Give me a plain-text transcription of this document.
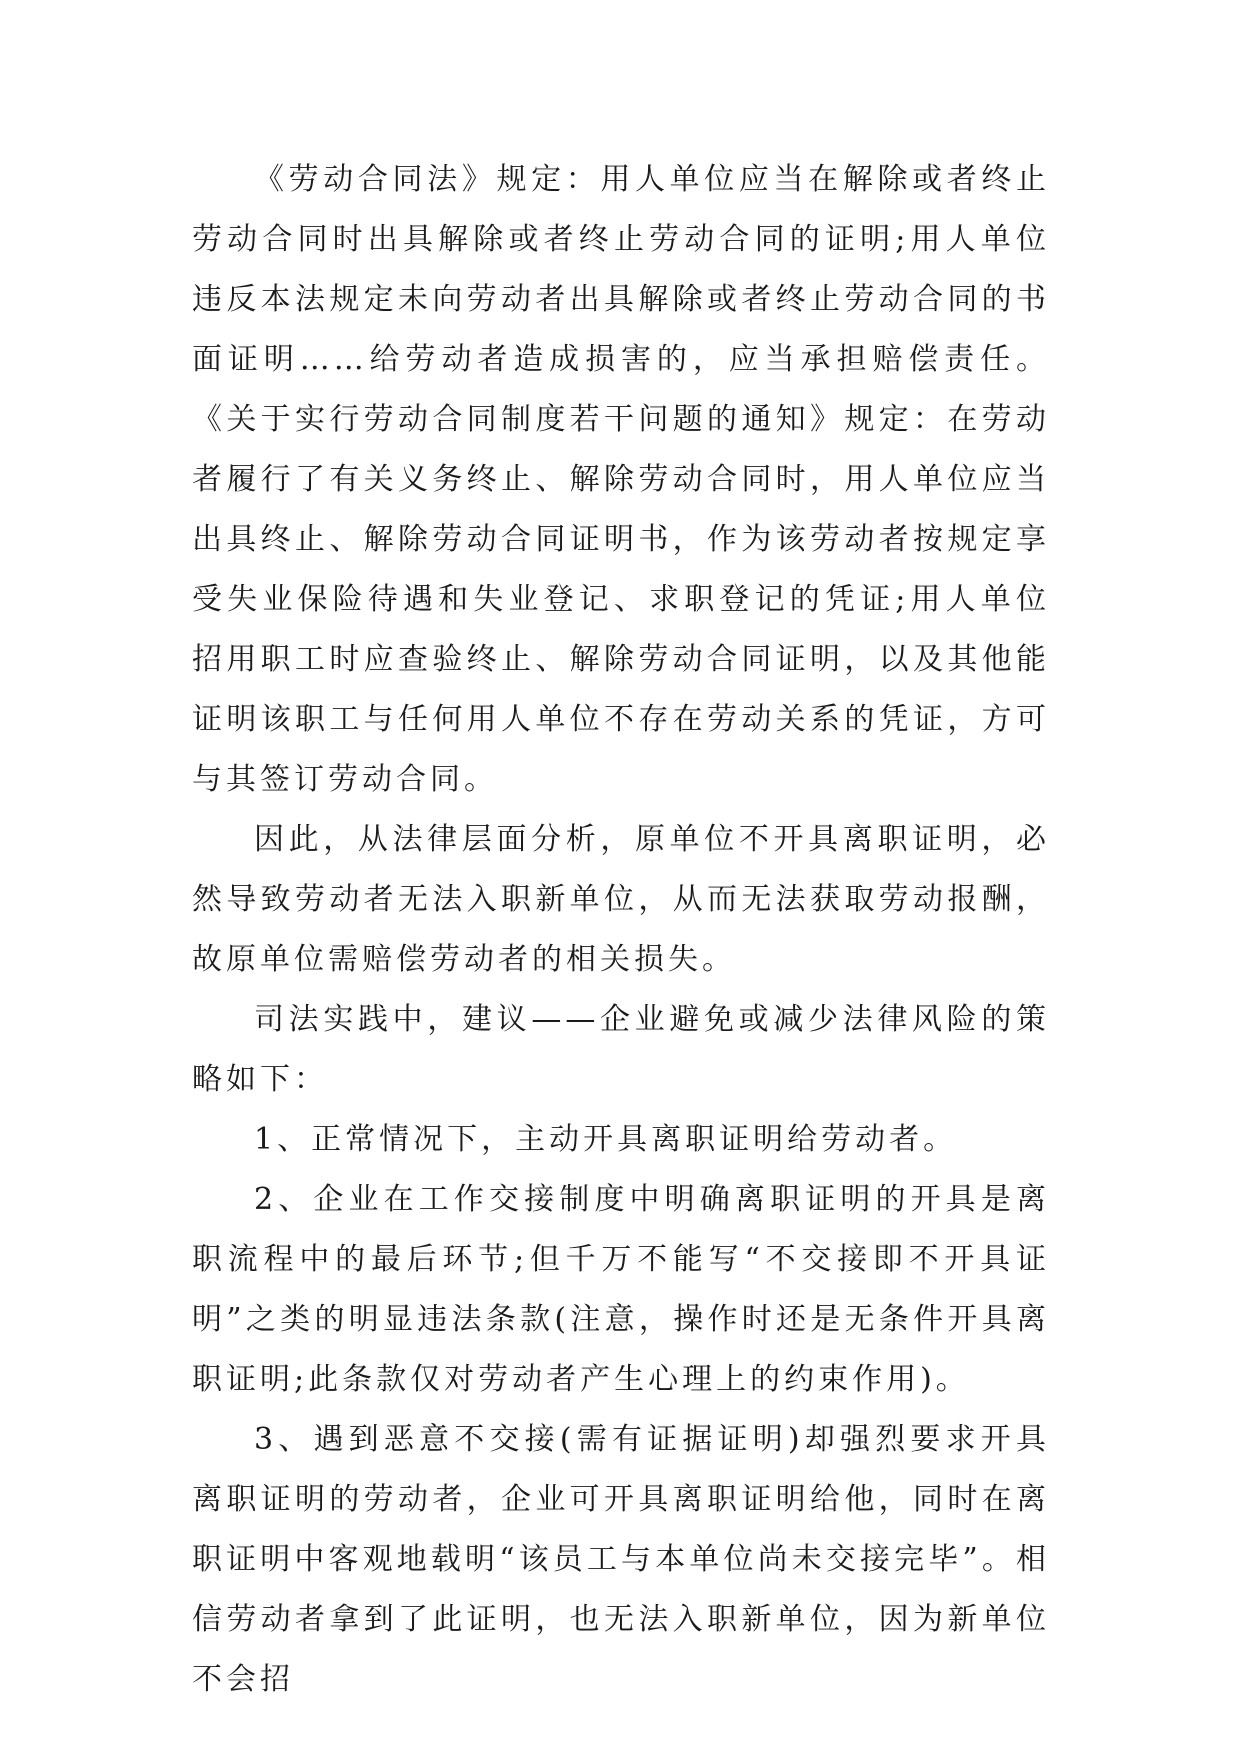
《劳动合同法》规定：用人单位应当在解除或者终止劳动合同时出具解除或者终止劳动合同的证明;用人单位违反本法规定未向劳动者出具解除或者终止劳动合同的书面证明……给劳动者造成损害的，应当承担赔偿责任。《关于实行劳动合同制度若干问题的通知》规定：在劳动者履行了有关义务终止、解除劳动合同时，用人单位应当出具终止、解除劳动合同证明书，作为该劳动者按规定享受失业保险待遇和失业登记、求职登记的凭证;用人单位招用职工时应查验终止、解除劳动合同证明，以及其他能证明该职工与任何用人单位不存在劳动关系的凭证，方可与其签订劳动合同。

因此，从法律层面分析，原单位不开具离职证明，必然导致劳动者无法入职新单位，从而无法获取劳动报酬，故原单位需赔偿劳动者的相关损失。

司法实践中，建议——企业避免或减少法律风险的策略如下：

1、正常情况下，主动开具离职证明给劳动者。

2、企业在工作交接制度中明确离职证明的开具是离职流程中的最后环节;但千万不能写“不交接即不开具证明”之类的明显违法条款(注意，操作时还是无条件开具离职证明;此条款仅对劳动者产生心理上的约束作用)。

3、遇到恶意不交接(需有证据证明)却强烈要求开具离职证明的劳动者，企业可开具离职证明给他，同时在离职证明中客观地载明“该员工与本单位尚未交接完毕”。相信劳动者拿到了此证明，也无法入职新单位，因为新单位不会招
